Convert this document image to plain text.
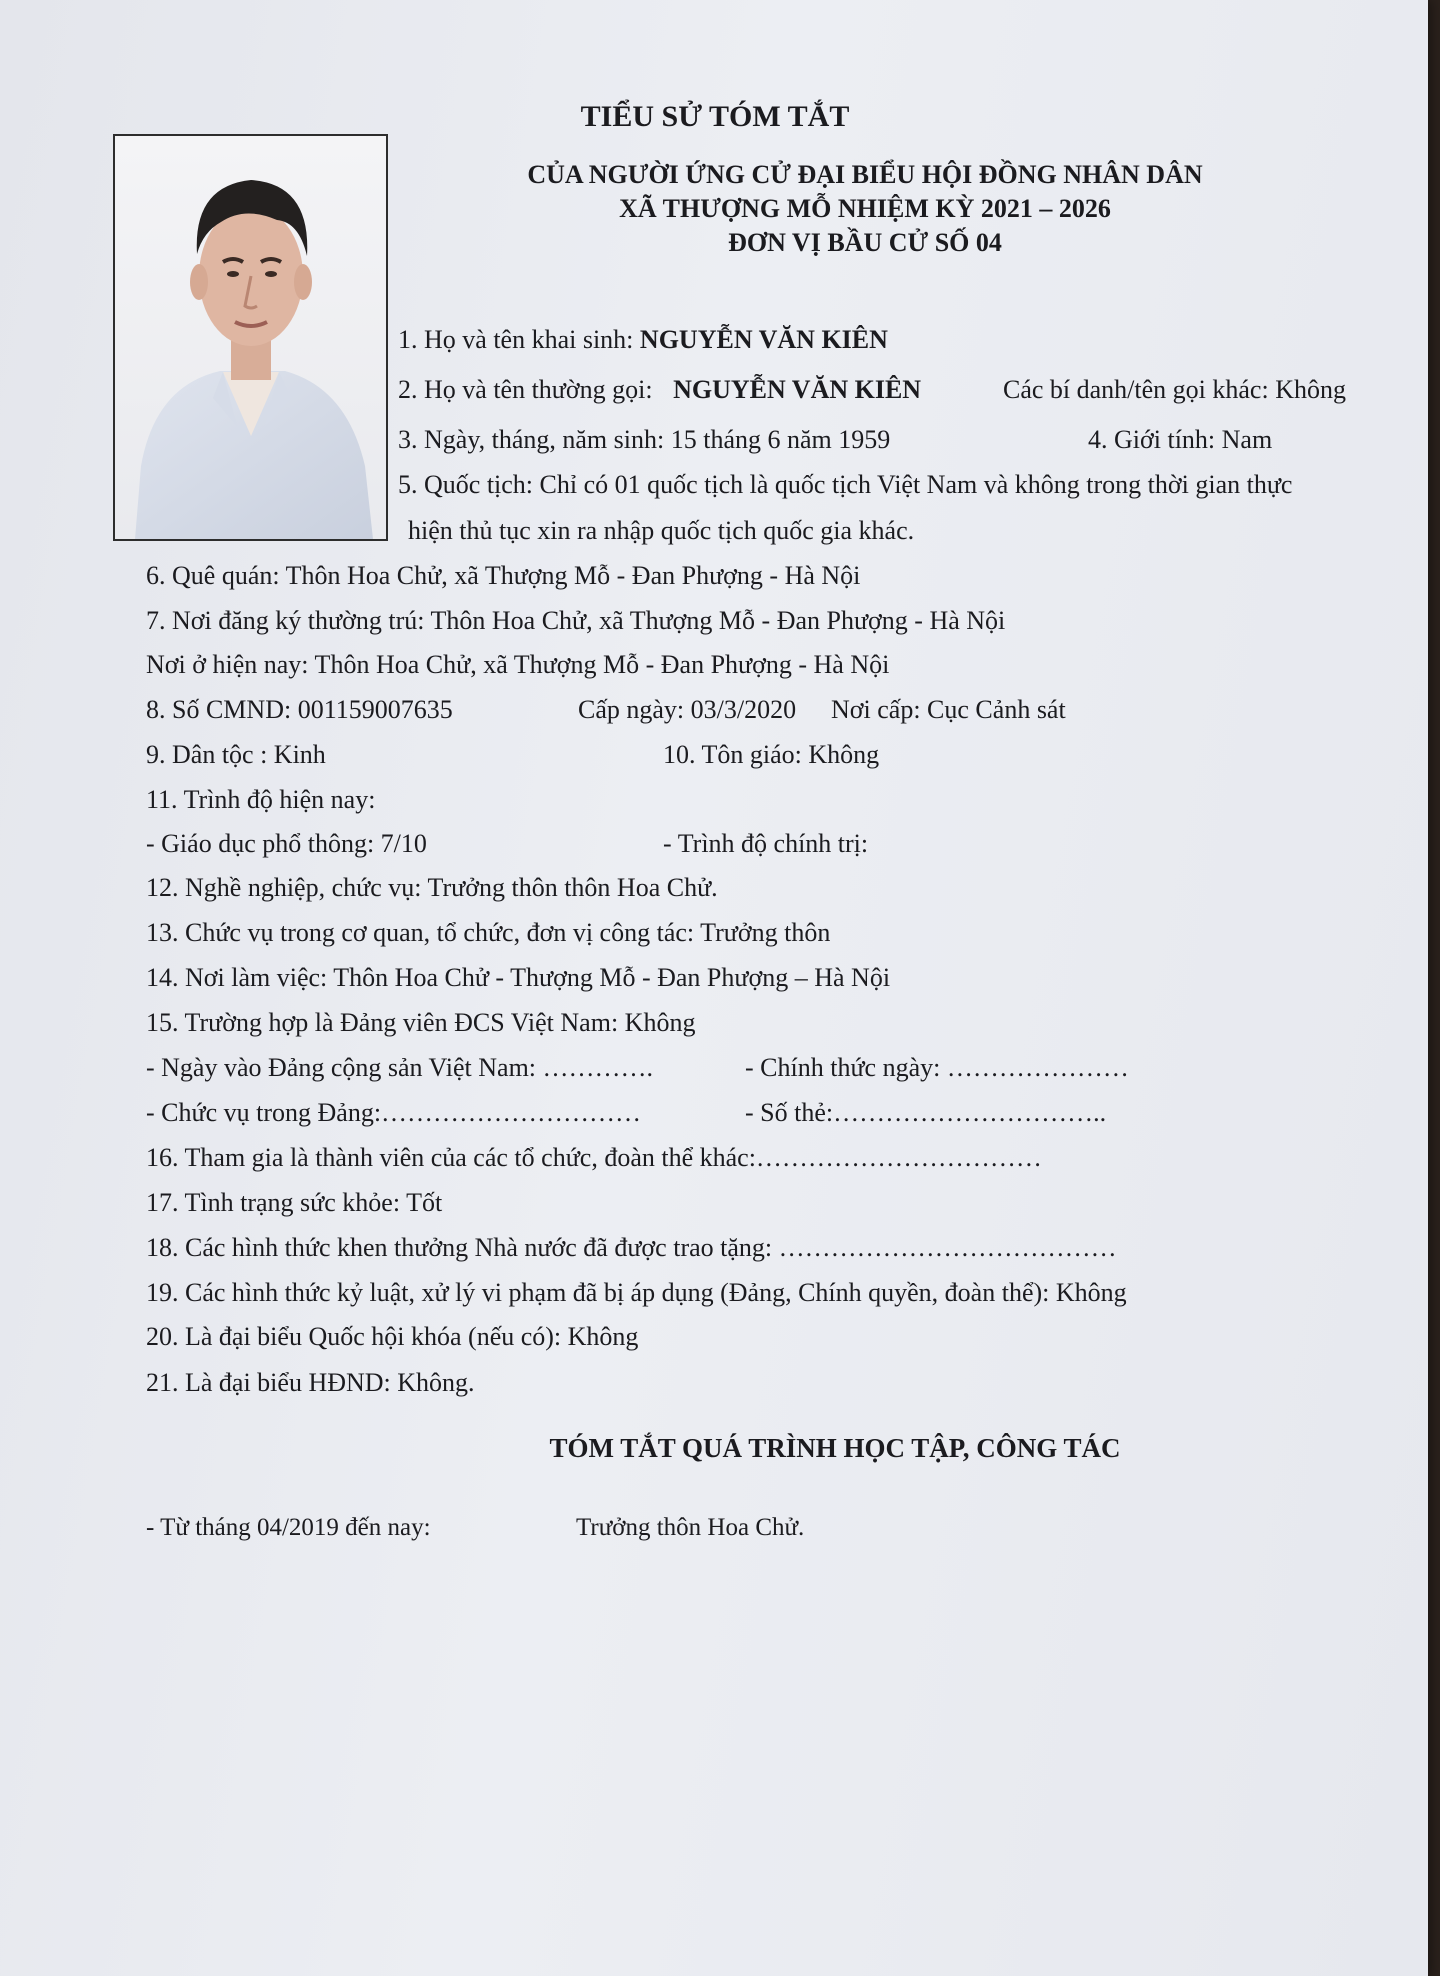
TIỂU SỬ TÓM TẮT
CỦA NGƯỜI ỨNG CỬ ĐẠI BIỂU HỘI ĐỒNG NHÂN DÂN
XÃ THƯỢNG MỖ NHIỆM KỲ 2021 – 2026
ĐƠN VỊ BẦU CỬ SỐ 04
1. Họ và tên khai sinh: NGUYỄN VĂN KIÊN
2. Họ và tên thường gọi: NGUYỄN VĂN KIÊN	Các bí danh/tên gọi khác: Không
3. Ngày, tháng, năm sinh: 15 tháng 6 năm 1959	4. Giới tính: Nam
5. Quốc tịch: Chỉ có 01 quốc tịch là quốc tịch Việt Nam và không trong thời gian thực
hiện thủ tục xin ra nhập quốc tịch quốc gia khác.
6. Quê quán: Thôn Hoa Chử, xã Thượng Mỗ - Đan Phượng - Hà Nội
7. Nơi đăng ký thường trú: Thôn Hoa Chử, xã Thượng Mỗ - Đan Phượng - Hà Nội
Nơi ở hiện nay: Thôn Hoa Chử, xã Thượng Mỗ - Đan Phượng - Hà Nội
8. Số CMND: 001159007635	Cấp ngày: 03/3/2020 Nơi cấp: Cục Cảnh sát
9. Dân tộc : Kinh	10. Tôn giáo: Không
11. Trình độ hiện nay:
- Giáo dục phổ thông: 7/10	- Trình độ chính trị:
12. Nghề nghiệp, chức vụ: Trưởng thôn thôn Hoa Chử.
13. Chức vụ trong cơ quan, tổ chức, đơn vị công tác: Trưởng thôn
14. Nơi làm việc: Thôn Hoa Chử - Thượng Mỗ - Đan Phượng – Hà Nội
15. Trường hợp là Đảng viên ĐCS Việt Nam: Không
- Ngày vào Đảng cộng sản Việt Nam: ………….	- Chính thức ngày: …………………
- Chức vụ trong Đảng:…………………………	- Số thẻ:…………………………..
16. Tham gia là thành viên của các tổ chức, đoàn thể khác:……………………………
17. Tình trạng sức khỏe: Tốt
18. Các hình thức khen thưởng Nhà nước đã được trao tặng: …………………………………
19. Các hình thức kỷ luật, xử lý vi phạm đã bị áp dụng (Đảng, Chính quyền, đoàn thể): Không
20. Là đại biểu Quốc hội khóa (nếu có): Không
21. Là đại biểu HĐND: Không.
TÓM TẮT QUÁ TRÌNH HỌC TẬP, CÔNG TÁC
- Từ tháng 04/2019 đến nay:	Trưởng thôn Hoa Chử.
